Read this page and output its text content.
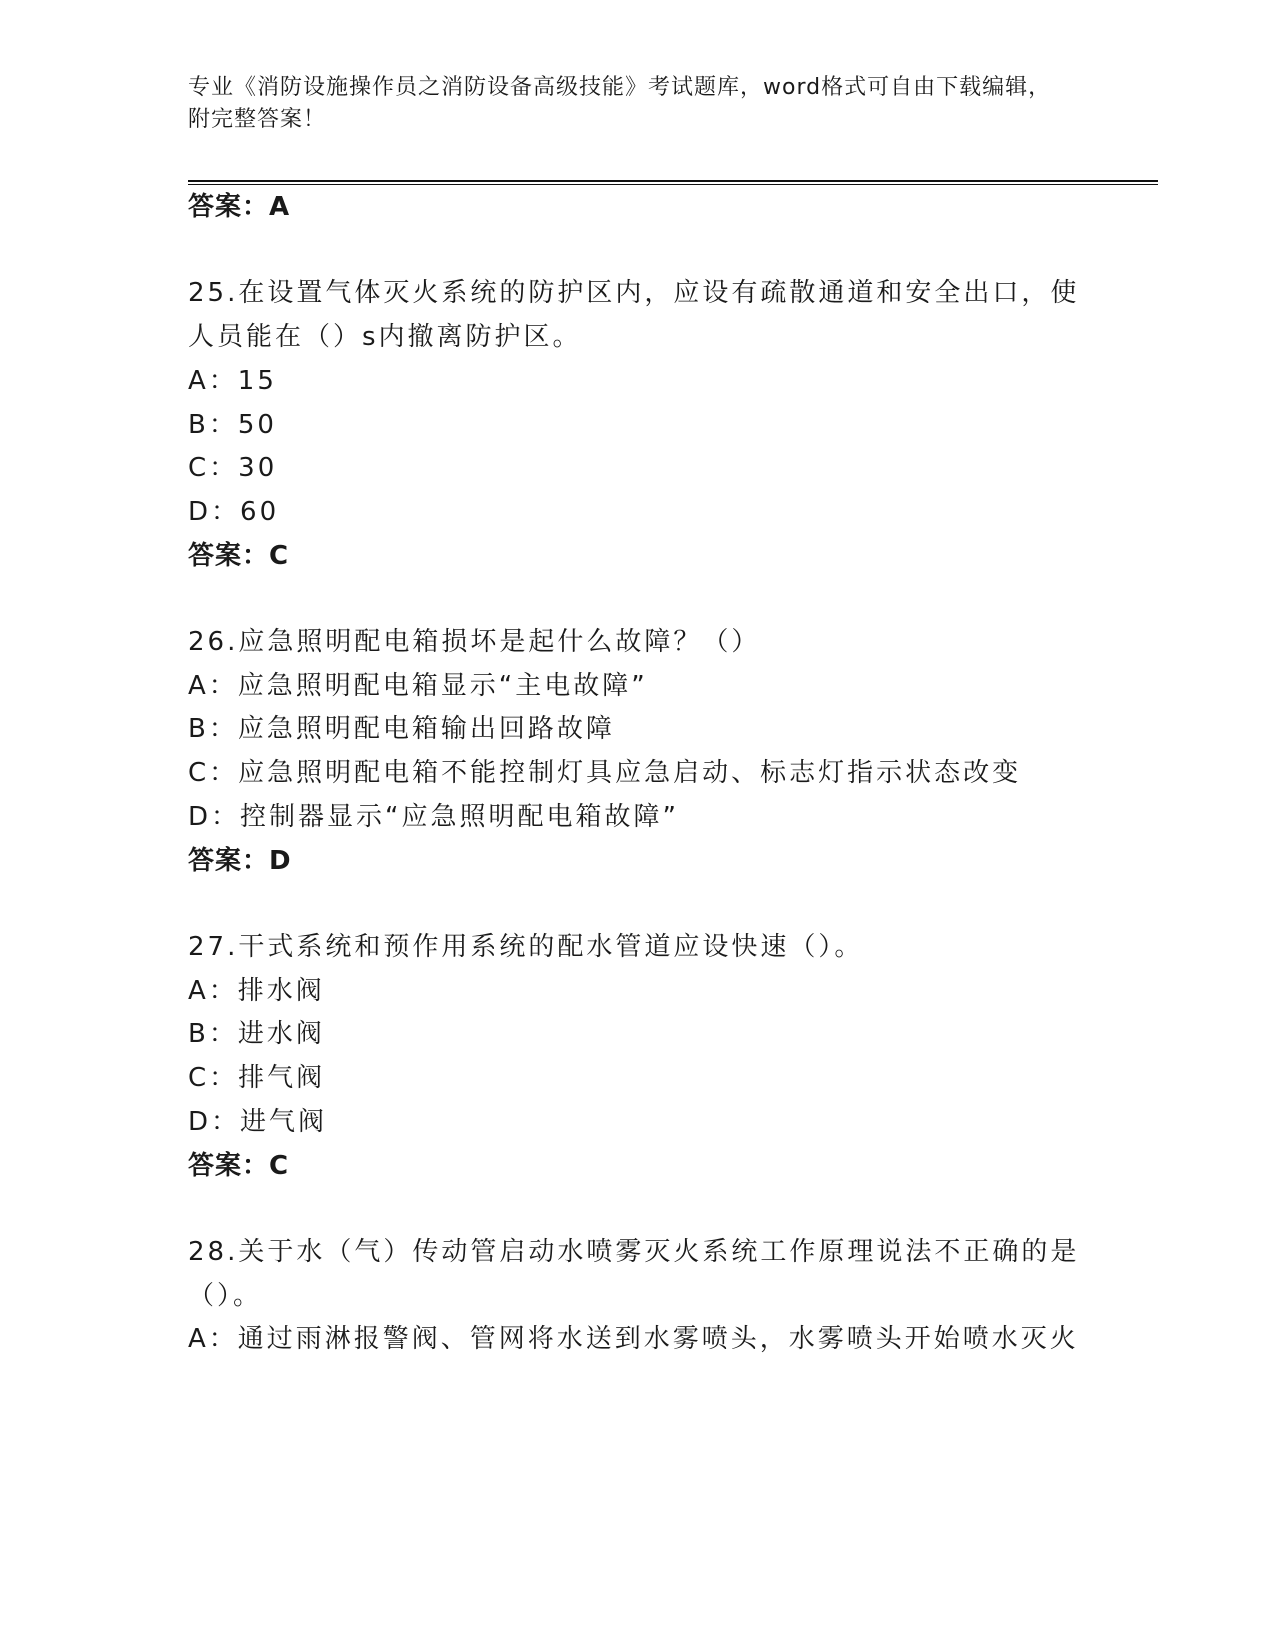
专业《消防设施操作员之消防设备高级技能》考试题库，word格式可自由下载编辑，附完整答案！
答案：A
25.在设置气体灭火系统的防护区内，应设有疏散通道和安全出口，使
人员能在（）s内撤离防护区。
A：15
B：50
C：30
D：60
答案：C
26.应急照明配电箱损坏是起什么故障？（）
A：应急照明配电箱显示“主电故障”
B：应急照明配电箱输出回路故障
C：应急照明配电箱不能控制灯具应急启动、标志灯指示状态改变
D：控制器显示“应急照明配电箱故障”
答案：D
27.干式系统和预作用系统的配水管道应设快速（）。
A：排水阀
B：进水阀
C：排气阀
D：进气阀
答案：C
28.关于水（气）传动管启动水喷雾灭火系统工作原理说法不正确的是
（）。
A：通过雨淋报警阀、管网将水送到水雾喷头，水雾喷头开始喷水灭火
